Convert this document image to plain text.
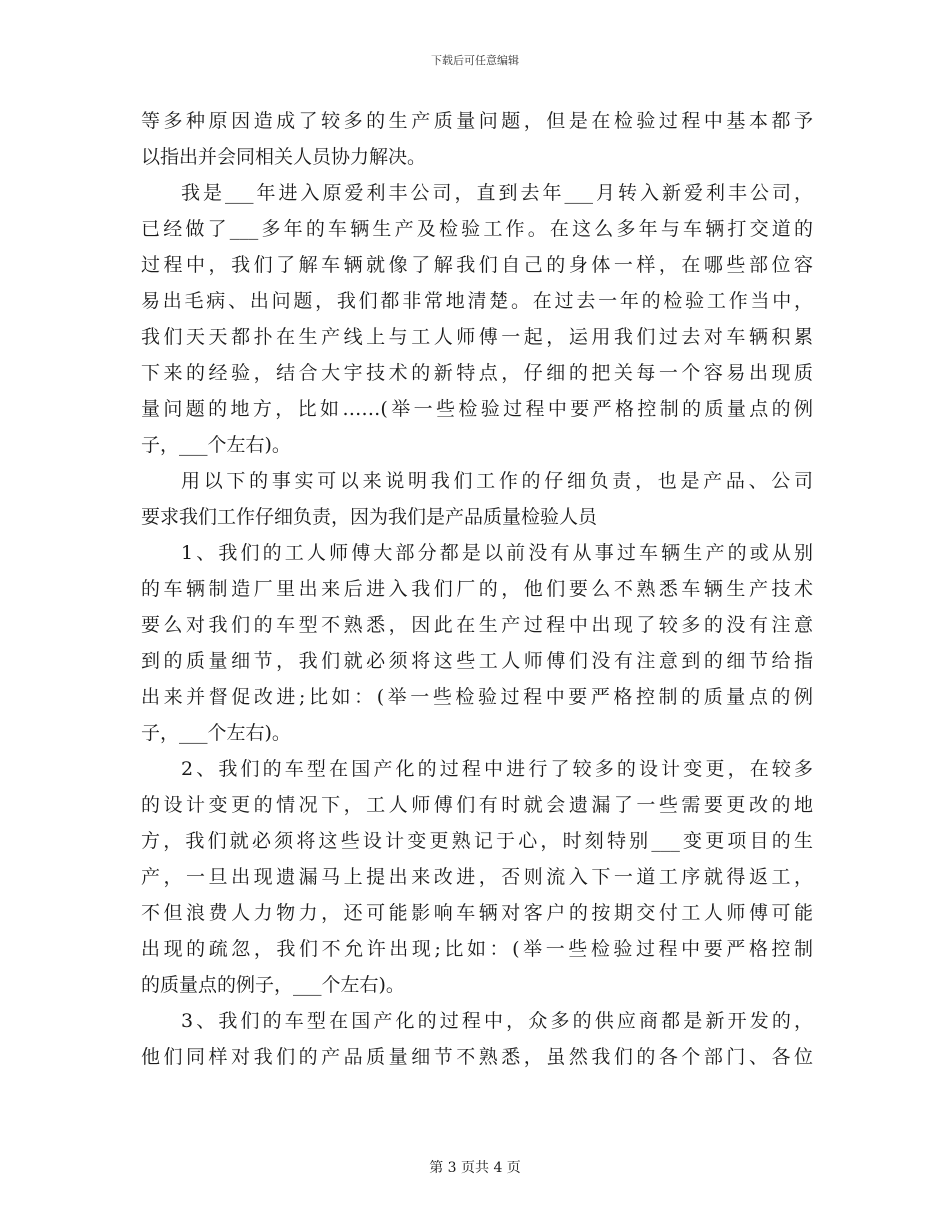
下载后可任意编辑
等多种原因造成了较多的生产质量问题，但是在检验过程中基本都予
以指出并会同相关人员协力解决。
我是___年进入原爱利丰公司，直到去年___月转入新爱利丰公司，
已经做了___多年的车辆生产及检验工作。在这么多年与车辆打交道的
过程中，我们了解车辆就像了解我们自己的身体一样，在哪些部位容
易出毛病、出问题，我们都非常地清楚。在过去一年的检验工作当中，
我们天天都扑在生产线上与工人师傅一起，运用我们过去对车辆积累
下来的经验，结合大宇技术的新特点，仔细的把关每一个容易出现质
量问题的地方，比如……(举一些检验过程中要严格控制的质量点的例
子，___个左右)。
用以下的事实可以来说明我们工作的仔细负责，也是产品、公司
要求我们工作仔细负责，因为我们是产品质量检验人员
1、我们的工人师傅大部分都是以前没有从事过车辆生产的或从别
的车辆制造厂里出来后进入我们厂的，他们要么不熟悉车辆生产技术
要么对我们的车型不熟悉，因此在生产过程中出现了较多的没有注意
到的质量细节，我们就必须将这些工人师傅们没有注意到的细节给指
出来并督促改进;比如：(举一些检验过程中要严格控制的质量点的例
子，___个左右)。
2、我们的车型在国产化的过程中进行了较多的设计变更，在较多
的设计变更的情况下，工人师傅们有时就会遗漏了一些需要更改的地
方，我们就必须将这些设计变更熟记于心，时刻特别___变更项目的生
产，一旦出现遗漏马上提出来改进，否则流入下一道工序就得返工，
不但浪费人力物力，还可能影响车辆对客户的按期交付工人师傅可能
出现的疏忽，我们不允许出现;比如：(举一些检验过程中要严格控制
的质量点的例子，___个左右)。
3、我们的车型在国产化的过程中，众多的供应商都是新开发的，
他们同样对我们的产品质量细节不熟悉，虽然我们的各个部门、各位
第 3 页共 4 页
